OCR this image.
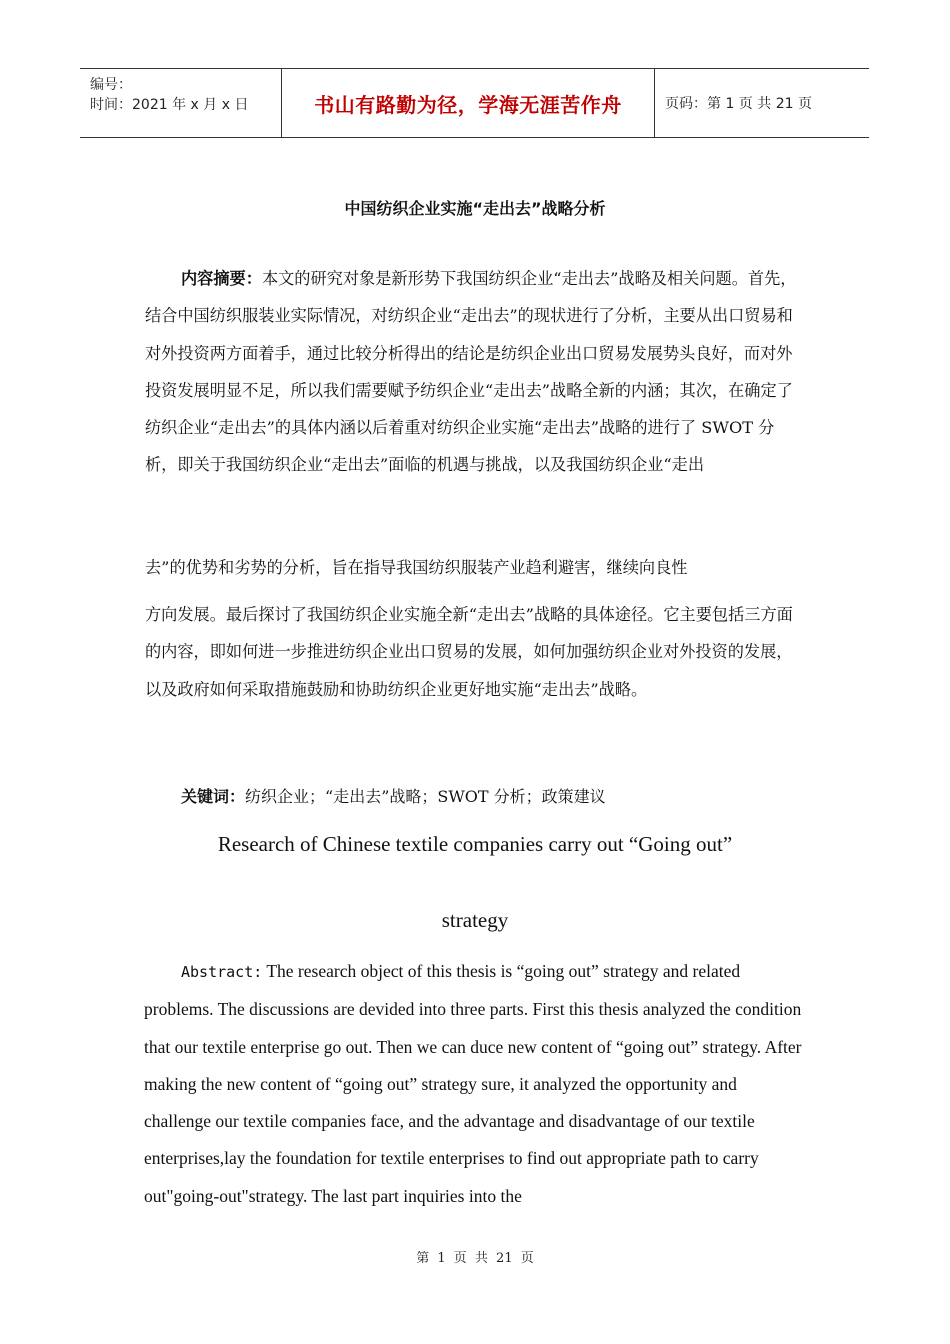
编号：
时间：2021 年 x 月 x 日	书山有路勤为径，学海无涯苦作舟	页码：第 1 页 共 21 页
中国纺织企业实施“走出去”战略分析
内容摘要：本文的研究对象是新形势下我国纺织企业“走出去”战略及相关问题。首先，结合中国纺织服装业实际情况，对纺织企业“走出去”的现状进行了分析，主要从出口贸易和对外投资两方面着手，通过比较分析得出的结论是纺织企业出口贸易发展势头良好，而对外投资发展明显不足，所以我们需要赋予纺织企业“走出去”战略全新的内涵；其次，在确定了纺织企业“走出去”的具体内涵以后着重对纺织企业实施“走出去”战略的进行了 SWOT 分析，即关于我国纺织企业“走出去”面临的机遇与挑战，以及我国纺织企业“走出
去”的优势和劣势的分析，旨在指导我国纺织服装产业趋利避害，继续向良性
方向发展。最后探讨了我国纺织企业实施全新“走出去”战略的具体途径。它主要包括三方面的内容，即如何进一步推进纺织企业出口贸易的发展，如何加强纺织企业对外投资的发展，以及政府如何采取措施鼓励和协助纺织企业更好地实施“走出去”战略。
关键词：纺织企业；“走出去”战略；SWOT 分析；政策建议
Research of Chinese textile companies carry out “Going out”
strategy
Abstract: The research object of this thesis is “going out” strategy and related problems. The discussions are devided into three parts. First this thesis analyzed the condition that our textile enterprise go out. Then we can duce new content of “going out” strategy. After making the new content of “going out” strategy sure, it analyzed the opportunity and challenge our textile companies face, and the advantage and disadvantage of our textile enterprises,lay the foundation for textile enterprises to find out appropriate path to carry out"going-out"strategy. The last part inquiries into the
第 1 页 共 21 页
